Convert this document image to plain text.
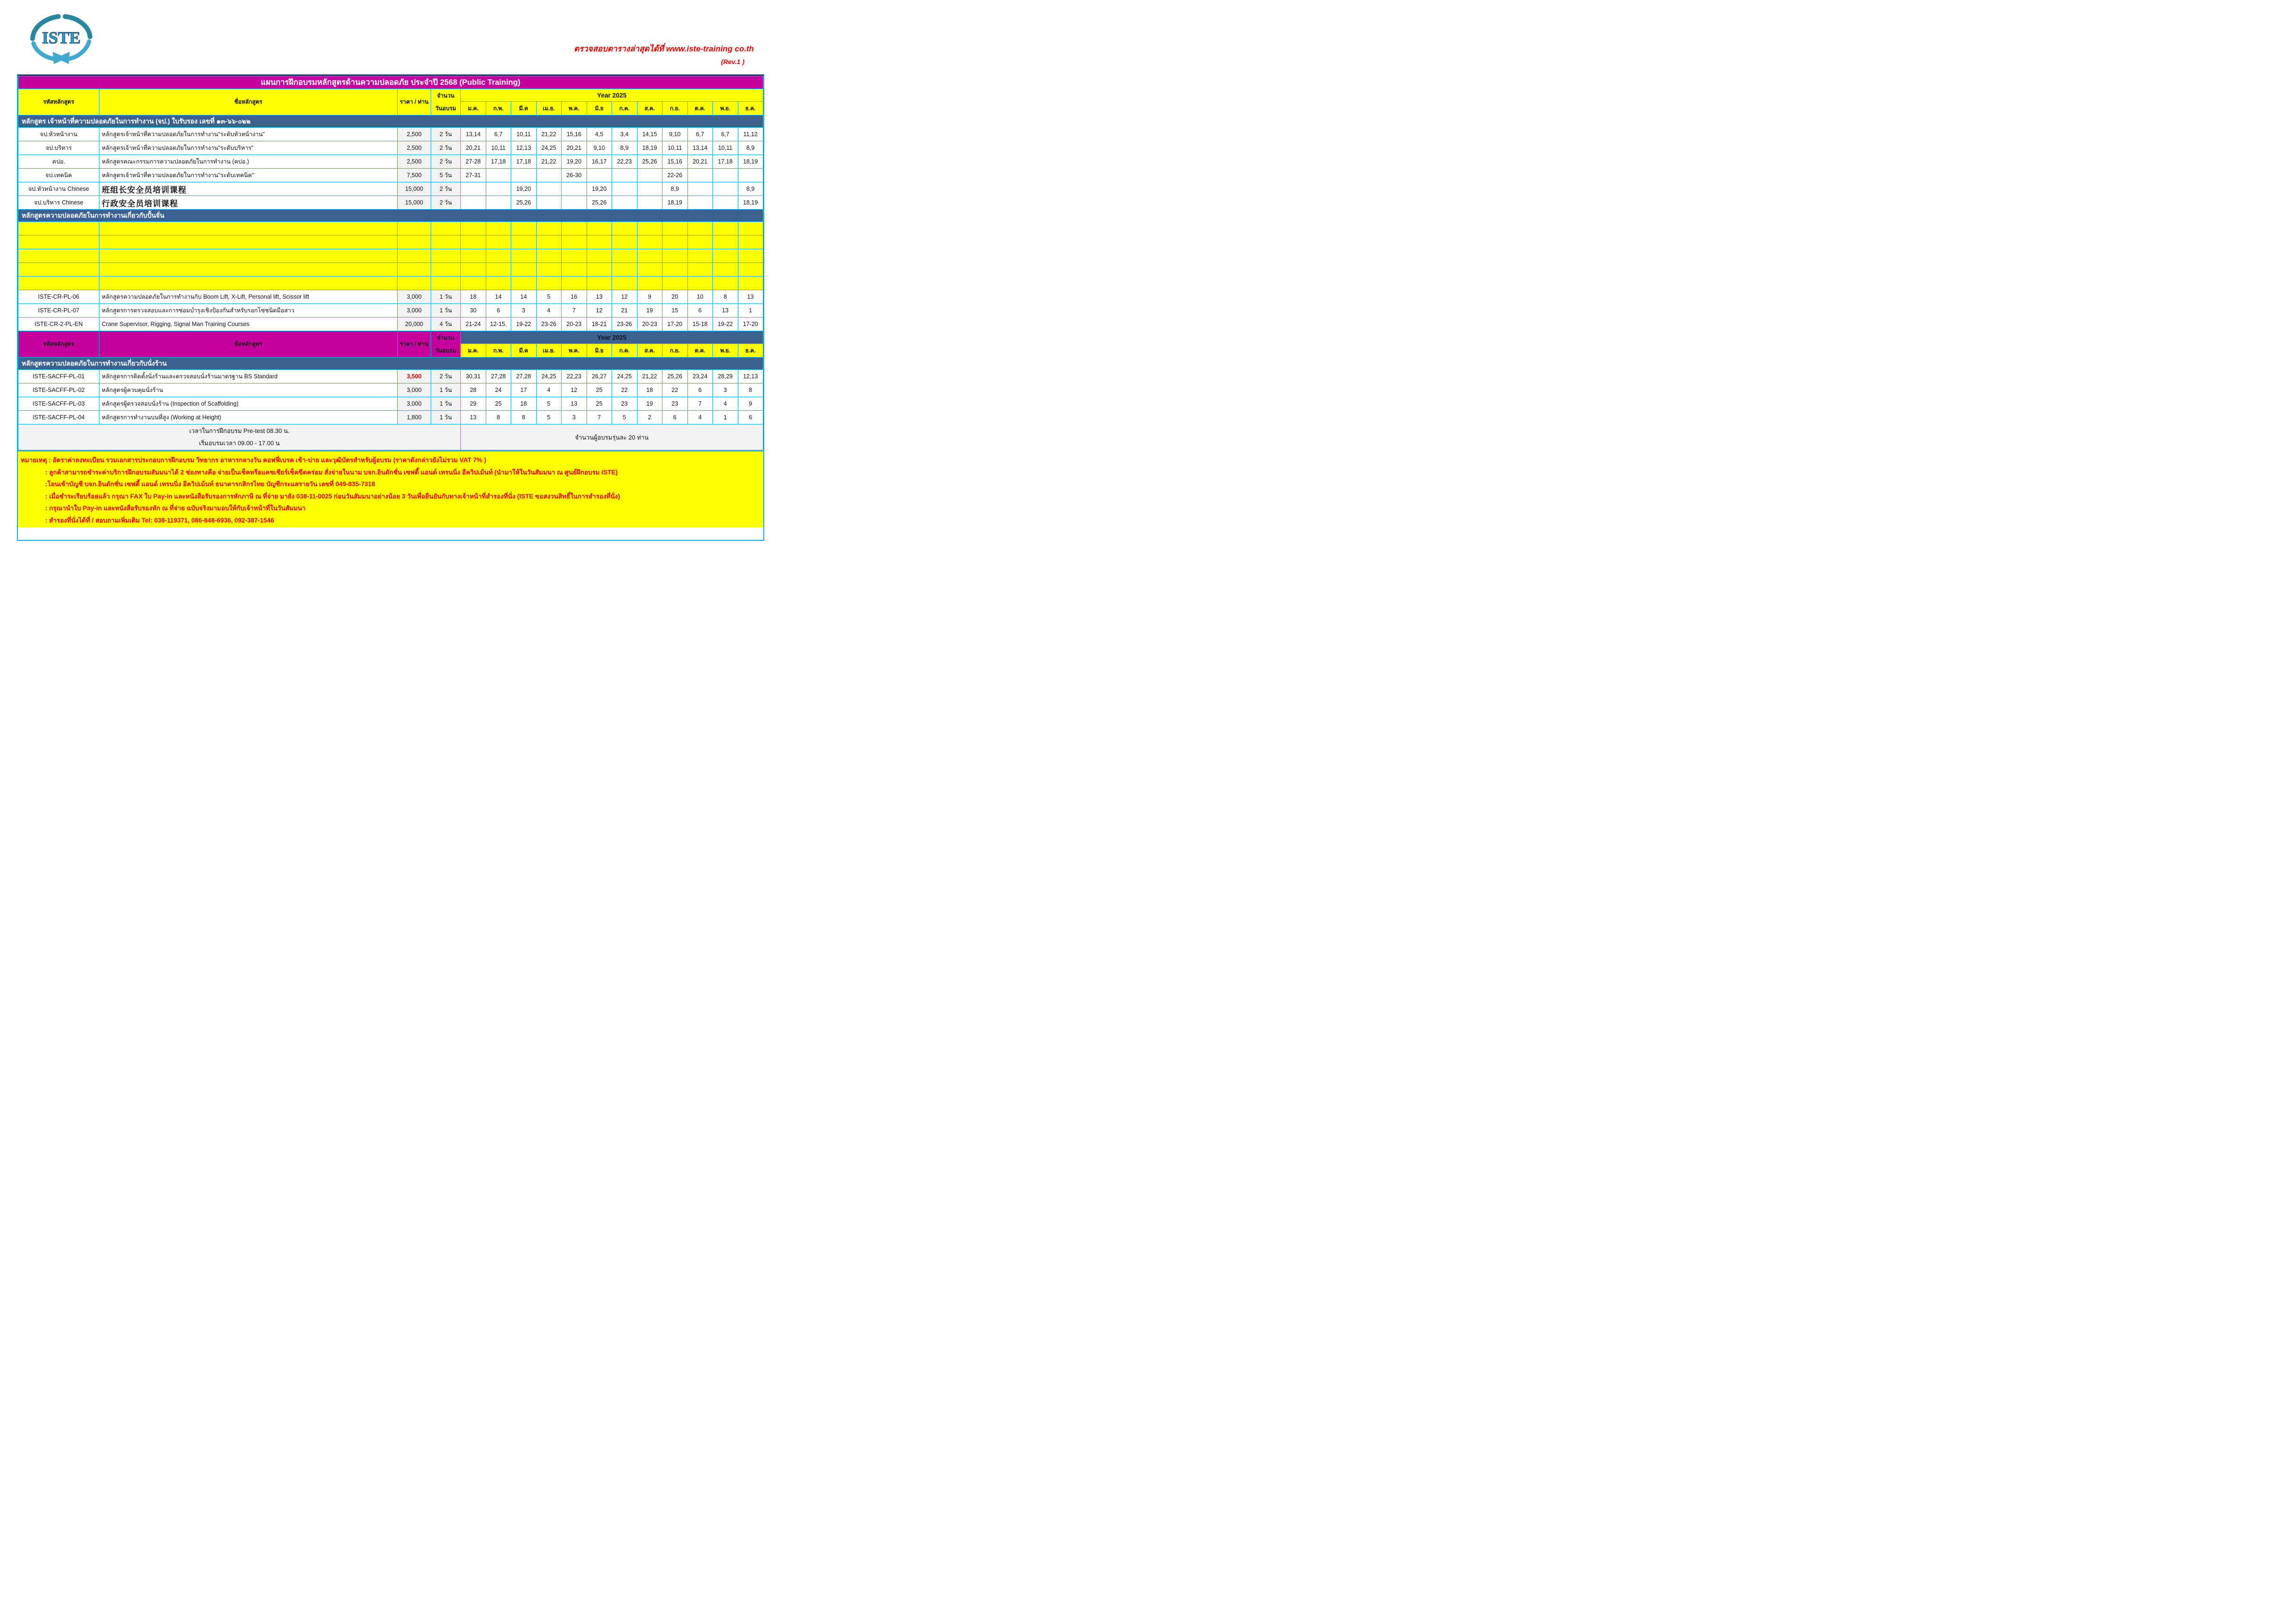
ISTE
ตรวจสอบตารางล่าสุดได้ที่ www.iste-training co.th
(Rev.1 )
แผนการฝึกอบรมหลักสูตรด้านความปลอดภัย ประจำปี 2568 (Public Training)															
รหัสหลักสูตร	ชื่อหลักสูตร	ราคา / ท่าน	จำนวน
วันอบรม	Year 2025											
				ม.ค.	ก.พ.	มี.ค	เม.ย.	พ.ค.	มิ.ย	ก.ค.	ส.ค.	ก.ย.	ต.ค.	พ.ย.	ธ.ค.
หลักสูตร เจ้าหน้าที่ความปลอดภัยในการทำงาน (จป.) ใบรับรอง เลขที่ ๑๓-๖๖-๐๒๒															
จป.หัวหน้างาน	หลักสูตรเจ้าหน้าที่ความปลอดภัยในการทำงาน"ระดับหัวหน้างาน"	2,500	2 วัน	13,14	6,7	10,11	21,22	15,16	4,5	3,4	14,15	9,10	6,7	6,7	11,12
จป.บริหาร	หลักสูตรเจ้าหน้าที่ความปลอดภัยในการทำงาน"ระดับบริหาร"	2,500	2 วัน	20,21	10,11	12,13	24,25	20,21	9,10	8,9	18,19	10,11	13,14	10,11	8,9
คปอ.	หลักสูตรคณะกรรมการความปลอดภัยในการทำงาน (คปอ.)	2,500	2 วัน	27-28	17,18	17,18	21,22	19,20	16,17	22,23	25,26	15,16	20,21	17,18	18,19
จป.เทคนิค	หลักสูตรเจ้าหน้าที่ความปลอดภัยในการทำงาน"ระดับเทคนิค"	7,500	5 วัน	27-31				26-30				22-26			
จป.หัวหน้างาน Chinese	班组长安全员培训课程	15,000	2 วัน			19,20			19,20			8,9			8,9
จป.บริหาร Chinese	行政安全员培训课程	15,000	2 วัน			25,26			25,26			18,19			18,19
หลักสูตรความปลอดภัยในการทำงานเกี่ยวกับปั้นจั่น															

ISTE-CR-PL-06	หลักสูตรความปลอดภัยในการทำงานกับ Boom Lift, X-Lift, Personal lift, Scissor lift	3,000	1 วัน	18	14	14	5	16	13	12	9	20	10	8	13
ISTE-CR-PL-07	หลักสูตรการตรวจสอบและการซ่อมบำรุงเชิงป้องกันสำหรับรอกโซ่ชนิดมือสาว	3,000	1 วัน	30	6	3	4	7	12	21	19	15	6	13	1
ISTE-CR-2-PL-EN	Crane Supervisor, Rigging, Signal Man Training Courses	20,000	4 วัน	21-24	12-15.	19-22	23-26	20-23	18-21	23-26	20-23	17-20	15-18	19-22	17-20
รหัสหลักสูตร	ชื่อหลักสูตร	ราคา / ท่าน	จำนวน
วันอบรม	Year 2025											
				ม.ค.	ก.พ.	มี.ค	เม.ย.	พ.ค.	มิ.ย	ก.ค.	ส.ค.	ก.ย.	ต.ค.	พ.ย.	ธ.ค.
หลักสูตรความปลอดภัยในการทำงานเกี่ยวกับนั่งร้าน															
ISTE-SACFF-PL-01	หลักสูตรการติดตั้งนั่งร้านและตรวจสอบนั่งร้านมาตรฐาน BS Standard	3,500	2 วัน	30,31	27,28	27,28	24,25	22,23	26,27	24,25	21,22	25,26	23,24	28,29	12,13
ISTE-SACFF-PL-02	หลักสูตรผู้ควบคุมนั่งร้าน	3,000	1 วัน	28	24	17	4	12	25	22	18	22	6	3	8
ISTE-SACFF-PL-03	หลักสูตรผู้ตรวจสอบนั่งร้าน (Inspection of Scaffolding)	3,000	1 วัน	29	25	18	5	13	25	23	19	23	7	4	9
ISTE-SACFF-PL-04	หลักสูตรการทำงานบนที่สูง (Working at Height)	1,800	1 วัน	13	8	8	5	3	7	5	2	6	4	1	6

เวลาในการฝึกอบรม Pre-test 08.30 น.
เริ่มอบรมเวลา 09.00 - 17.00 น				จำนวนผู้อบรมรุ่นละ 20 ท่าน											
หมายเหตุ : อัตราค่าลงทะเบียน รวมเอกสารประกอบการฝึกอบรม วิทยากร อาหารกลางวัน คอฟฟี่เบรค เช้า-บ่าย และวุฒิบัตรสำหรับผู้อบรม (ราคาดังกล่าวยังไม่รวม VAT 7% )
: ลูกค้าสามารถชำระค่าบริการฝึกอบรมสัมมนาได้ 2 ช่องทางคือ จ่ายเป็นเช็คหรือแคชเชียร์เช็คขีดคร่อม สั่งจ่ายในนาม บจก.อินดักชั่น เซฟตี้ แอนด์ เทรนนิ่ง อีควิปเม้นท์ (นำมาให้ในวันสัมมนา ณ ศูนย์ฝึกอบรม ISTE)
:โอนเข้าบัญชี บจก.อินดักชั่น เซฟตี้ แอนด์ เทรนนิ่ง อีควิปเม้นท์ ธนาคารกสิกรไทย บัญชีกระแสรายวัน เลขที่ 049-835-7318
: เมื่อชำระเรียบร้อยแล้ว กรุณา FAX ใบ Pay-in และหนังสือรับรองการหักภาษี ณ ที่จ่าย มายัง 038-11-0025 ก่อนวันสัมมนาอย่างน้อย 3 วันเพื่อยืนยันกับทางเจ้าหน้าที่สำรองที่นั่ง (ISTE ขอสงวนสิทธิ์ในการสำรองที่นั่ง)
: กรุณานำใบ Pay-in และหนังสือรับรองหัก ณ ที่จ่าย ฉบับจริงมามอบให้กับเจ้าหน้าที่ในวันสัมมนา
: สำรองที่นั่งได้ที่ / สอบถามเพิ่มเติม Tel: 038-119371, 086-848-6936, 092-387-1546
